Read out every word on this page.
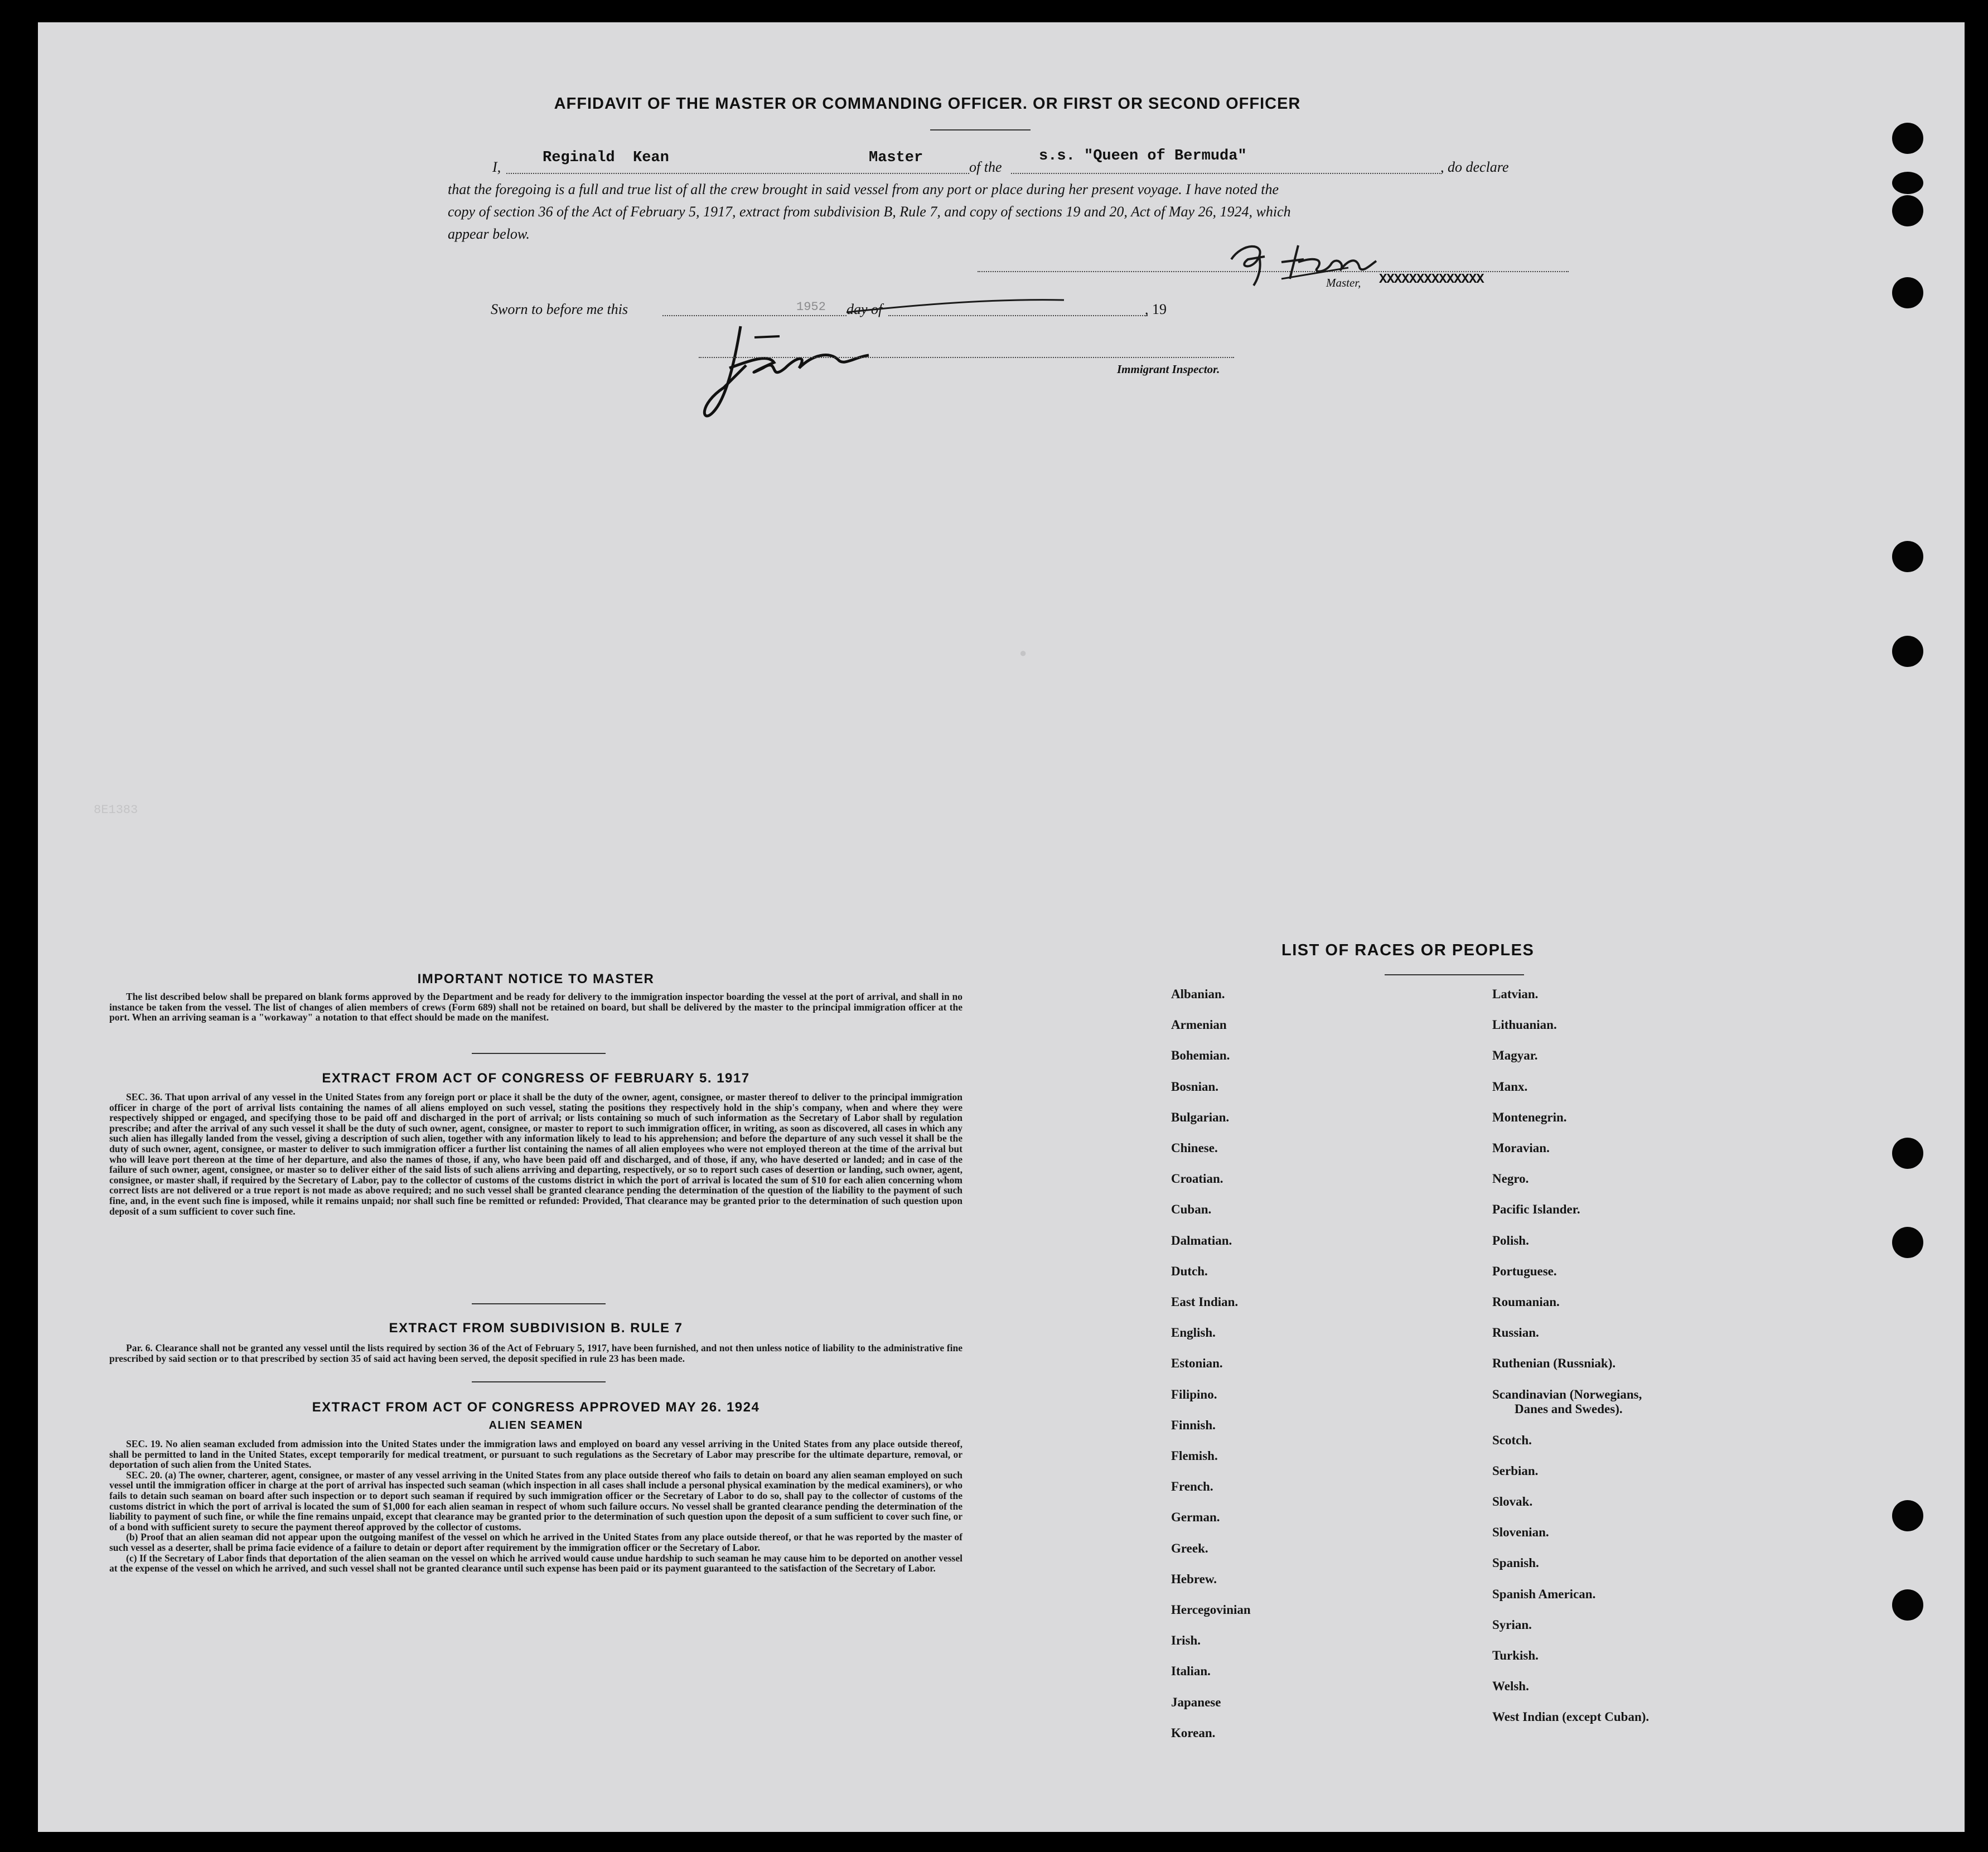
8E1383
●
AFFIDAVIT OF THE MASTER OR COMMANDING OFFICER. OR FIRST OR SECOND OFFICER
I,
Reginald  Kean	Master
of the
s.s. "Queen of Bermuda"
, do declare
that the foregoing is a full and true list of all the crew brought in said vessel from any port or place during her present voyage. I have noted the
copy of section 36 of the Act of February 5, 1917, extract from subdivision B, Rule 7, and copy of sections 19 and 20, Act of May 26, 1924, which
appear below.
Master, XXXXXXXXXXXXXX
Sworn to before me this	1952 day of	, 19
Immigrant Inspector.
IMPORTANT NOTICE TO MASTER

The list described below shall be prepared on blank forms approved by the Department and be ready for delivery to the immigration inspector boarding the vessel at the port of arrival, and shall in no instance be taken from the vessel. The list of changes of alien members of crews (Form 689) shall not be retained on board, but shall be delivered by the master to the principal immigration officer at the port. When an arriving seaman is a "workaway" a notation to that effect should be made on the manifest.

EXTRACT FROM ACT OF CONGRESS OF FEBRUARY 5. 1917

SEC. 36. That upon arrival of any vessel in the United States from any foreign port or place it shall be the duty of the owner, agent, consignee, or master thereof to deliver to the principal immigration officer in charge of the port of arrival lists containing the names of all aliens employed on such vessel, stating the positions they respectively hold in the ship's company, when and where they were respectively shipped or engaged, and specifying those to be paid off and discharged in the port of arrival; or lists containing so much of such information as the Secretary of Labor shall by regulation prescribe; and after the arrival of any such vessel it shall be the duty of such owner, agent, consignee, or master to report to such immigration officer, in writing, as soon as discovered, all cases in which any such alien has illegally landed from the vessel, giving a description of such alien, together with any information likely to lead to his apprehension; and before the departure of any such vessel it shall be the duty of such owner, agent, consignee, or master to deliver to such immigration officer a further list containing the names of all alien employees who were not employed thereon at the time of the arrival but who will leave port thereon at the time of her departure, and also the names of those, if any, who have been paid off and discharged, and of those, if any, who have deserted or landed; and in case of the failure of such owner, agent, consignee, or master so to deliver either of the said lists of such aliens arriving and departing, respectively, or so to report such cases of desertion or landing, such owner, agent, consignee, or master shall, if required by the Secretary of Labor, pay to the collector of customs of the customs district in which the port of arrival is located the sum of $10 for each alien concerning whom correct lists are not delivered or a true report is not made as above required; and no such vessel shall be granted clearance pending the determination of the question of the liability to the payment of such fine, and, in the event such fine is imposed, while it remains unpaid; nor shall such fine be remitted or refunded: Provided, That clearance may be granted prior to the determination of such question upon deposit of a sum sufficient to cover such fine.

EXTRACT FROM SUBDIVISION B. RULE 7

Par. 6. Clearance shall not be granted any vessel until the lists required by section 36 of the Act of February 5, 1917, have been furnished, and not then unless notice of liability to the administrative fine prescribed by said section or to that prescribed by section 35 of said act having been served, the deposit specified in rule 23 has been made.

EXTRACT FROM ACT OF CONGRESS APPROVED MAY 26. 1924
ALIEN SEAMEN

SEC. 19. No alien seaman excluded from admission into the United States under the immigration laws and employed on board any vessel arriving in the United States from any place outside thereof, shall be permitted to land in the United States, except temporarily for medical treatment, or pursuant to such regulations as the Secretary of Labor may prescribe for the ultimate departure, removal, or deportation of such alien from the United States.

SEC. 20. (a) The owner, charterer, agent, consignee, or master of any vessel arriving in the United States from any place outside thereof who fails to detain on board any alien seaman employed on such vessel until the immigration officer in charge at the port of arrival has inspected such seaman (which inspection in all cases shall include a personal physical examination by the medical examiners), or who fails to detain such seaman on board after such inspection or to deport such seaman if required by such immigration officer or the Secretary of Labor to do so, shall pay to the collector of customs of the customs district in which the port of arrival is located the sum of $1,000 for each alien seaman in respect of whom such failure occurs. No vessel shall be granted clearance pending the determination of the liability to payment of such fine, or while the fine remains unpaid, except that clearance may be granted prior to the determination of such question upon the deposit of a sum sufficient to cover such fine, or of a bond with sufficient surety to secure the payment thereof approved by the collector of customs.

(b) Proof that an alien seaman did not appear upon the outgoing manifest of the vessel on which he arrived in the United States from any place outside thereof, or that he was reported by the master of such vessel as a deserter, shall be prima facie evidence of a failure to detain or deport after requirement by the immigration officer or the Secretary of Labor.

(c) If the Secretary of Labor finds that deportation of the alien seaman on the vessel on which he arrived would cause undue hardship to such seaman he may cause him to be deported on another vessel at the expense of the vessel on which he arrived, and such vessel shall not be granted clearance until such expense has been paid or its payment guaranteed to the satisfaction of the Secretary of Labor.

LIST OF RACES OR PEOPLES
Albanian.
Armenian
Bohemian.
Bosnian.
Bulgarian.
Chinese.
Croatian.
Cuban.
Dalmatian.
Dutch.
East Indian.
English.
Estonian.
Filipino.
Finnish.
Flemish.
French.
German.
Greek.
Hebrew.
Hercegovinian
Irish.
Italian.
Japanese
Korean.
Latvian.
Lithuanian.
Magyar.
Manx.
Montenegrin.
Moravian.
Negro.
Pacific Islander.
Polish.
Portuguese.
Roumanian.
Russian.
Ruthenian (Russniak).
Scandinavian (Norwegians,
Danes and Swedes).
Scotch.
Serbian.
Slovak.
Slovenian.
Spanish.
Spanish American.
Syrian.
Turkish.
Welsh.
West Indian (except Cuban).
